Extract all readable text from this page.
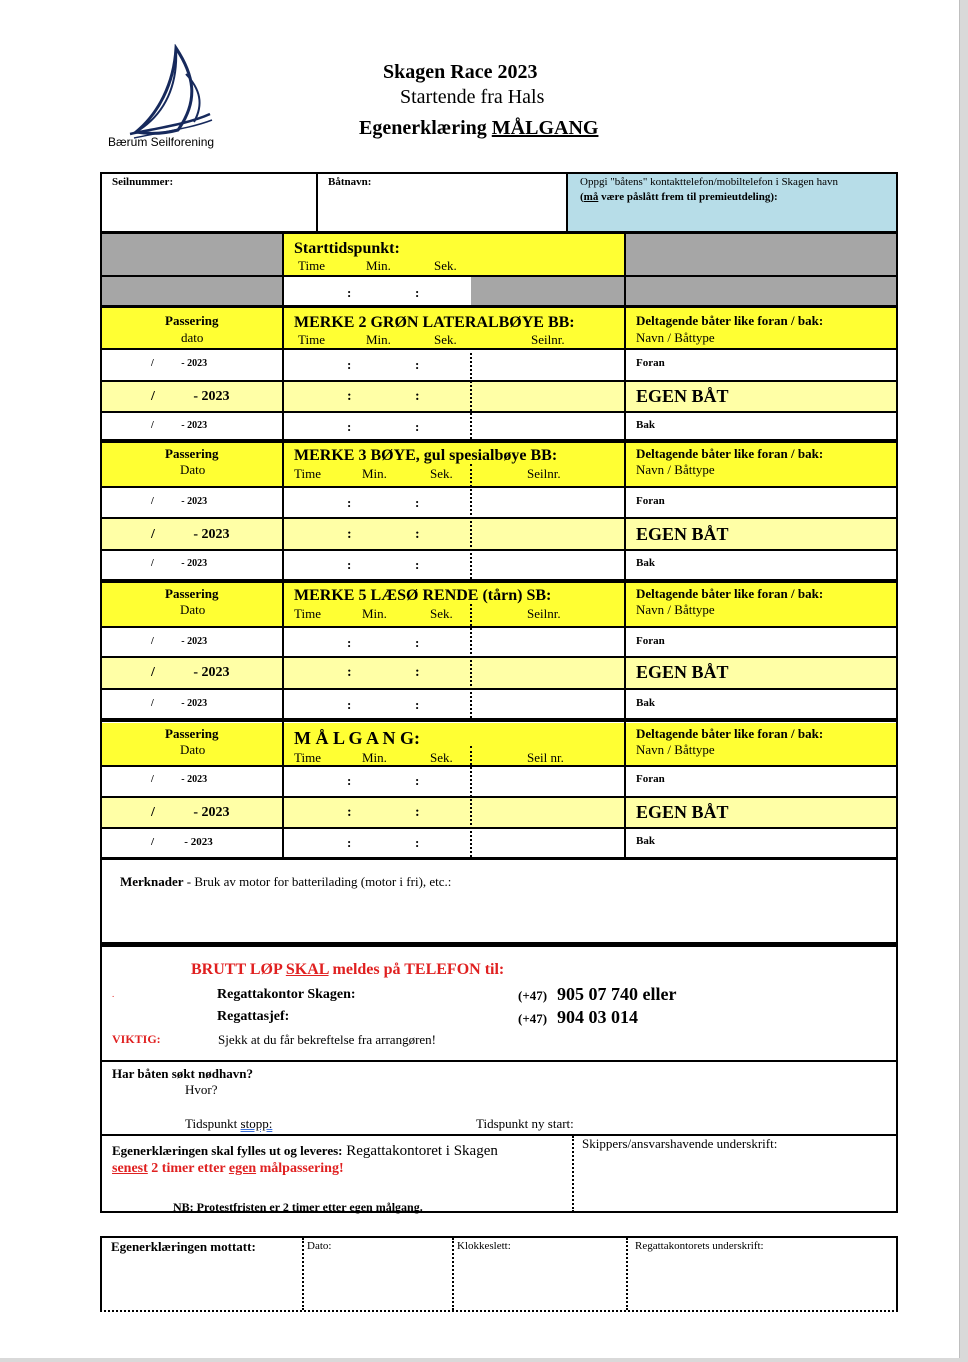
Bærum Seilforening
Skagen Race 2023
Startende fra Hals
Egenerklæring MÅLGANG
Seilnummer:	Båtnavn:	Oppgi "båtens" kontakttelefon/mobiltelefon i Skagen havn
(må være påslått frem til premieutdeling):
Starttidspunkt:
Time	Min.	Sek.
:	:
Passering
dato
MERKE 2 GRØN LATERALBØYE BB:
Time	Min.	Sek.	Seilnr.
Deltagende båter like foran / bak:
Navn / Båttype
/           - 2023	:	:	Foran
/           - 2023	:	:	EGEN BÅT
/           - 2023	:	:	Bak
Passering
Dato
MERKE 3 BØYE, gul spesialbøye BB:
Time	Min.	Sek.	Seilnr.
Deltagende båter like foran / bak:
Navn / Båttype
/           - 2023	:	:	Foran
/           - 2023	:	:	EGEN BÅT
/           - 2023	:	:	Bak
Passering
Dato
MERKE 5 LÆSØ RENDE (tårn) SB:
Time	Min.	Sek.	Seilnr.
Deltagende båter like foran / bak:
Navn / Båttype
/           - 2023	:	:	Foran
/           - 2023	:	:	EGEN BÅT
/           - 2023	:	:	Bak
Passering
Dato
M Å L G A N G:
Time	Min.	Sek.	Seil nr.
Deltagende båter like foran / bak:
Navn / Båttype
/           - 2023	:	:	Foran
/           - 2023	:	:	EGEN BÅT
/           - 2023	:	:	Bak
Merknader - Bruk av motor for batterilading (motor i fri), etc.:
BRUTT LØP SKAL meldes på TELEFON til:
.	Regattakontor Skagen:	(+47) 905 07 740 eller
Regattasjef:	(+47) 904 03 014
VIKTIG:	Sjekk at du får bekreftelse fra arrangøren!
Har båten søkt nødhavn?
Hvor?
Tidspunkt stopp:	Tidspunkt ny start:
Egenerklæringen skal fylles ut og leveres: Regattakontoret i Skagen
senest 2 timer etter egen målpassering!
NB: Protestfristen er 2 timer etter egen målgang.
Skippers/ansvarshavende underskrift:
Egenerklæringen mottatt:	Dato:	Klokkeslett:	Regattakontorets underskrift:
